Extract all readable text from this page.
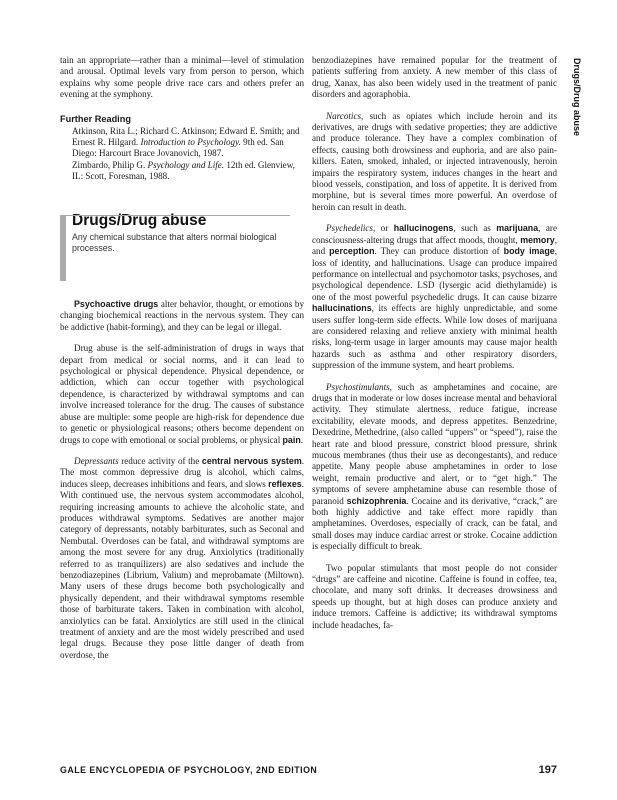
Drugs/Drug abuse

tain an appropriate—rather than a minimal—level of stimulation and arousal. Optimal levels vary from person to person, which explains why some people drive race cars and others prefer an evening at the symphony.

Further Reading

Atkinson, Rita L.; Richard C. Atkinson; Edward E. Smith; and Ernest R. Hilgard. Introduction to Psychology. 9th ed. San Diego: Harcourt Brace Jovanovich, 1987.

Zimbardo, Philip G. Psychology and Life. 12th ed. Glenview, IL: Scott, Foresman, 1988.

Drugs/Drug abuse
Any chemical substance that alters normal biological processes.

Psychoactive drugs alter behavior, thought, or emotions by changing biochemical reactions in the nervous system. They can be addictive (habit-forming), and they can be legal or illegal.

Drug abuse is the self-administration of drugs in ways that depart from medical or social norms, and it can lead to psychological or physical dependence. Physical dependence, or addiction, which can occur together with psychological dependence, is characterized by withdrawal symptoms and can involve increased tolerance for the drug. The causes of substance abuse are multiple: some people are high-risk for dependence due to genetic or physiological reasons; others become dependent on drugs to cope with emotional or social problems, or physical pain.

Depressants reduce activity of the central nervous system. The most common depressive drug is alcohol, which calms, induces sleep, decreases inhibitions and fears, and slows reflexes. With continued use, the nervous system accommodates alcohol, requiring increasing amounts to achieve the alcoholic state, and produces withdrawal symptoms. Sedatives are another major category of depressants, notably barbiturates, such as Seconal and Nembutal. Overdoses can be fatal, and withdrawal symptoms are among the most severe for any drug. Anxiolytics (traditionally referred to as tranquilizers) are also sedatives and include the benzodiazepines (Librium, Valium) and meprobamate (Miltown). Many users of these drugs become both psychologically and physically dependent, and their withdrawal symptoms resemble those of barbiturate takers. Taken in combination with alcohol, anxiolytics can be fatal. Anxiolytics are still used in the clinical treatment of anxiety and are the most widely prescribed and used legal drugs. Because they pose little danger of death from overdose, the

benzodiazepines have remained popular for the treatment of patients suffering from anxiety. A new member of this class of drug, Xanax, has also been widely used in the treatment of panic disorders and agoraphobia.

Narcotics, such as opiates which include heroin and its derivatives, are drugs with sedative properties; they are addictive and produce tolerance. They have a complex combination of effects, causing both drowsiness and euphoria, and are also pain-killers. Eaten, smoked, inhaled, or injected intravenously, heroin impairs the respiratory system, induces changes in the heart and blood vessels, constipation, and loss of appetite. It is derived from morphine, but is several times more powerful. An overdose of heroin can result in death.

Psychedelics, or hallucinogens, such as marijuana, are consciousness-altering drugs that affect moods, thought, memory, and perception. They can produce distortion of body image, loss of identity, and hallucinations. Usage can produce impaired performance on intellectual and psychomotor tasks, psychoses, and psychological dependence. LSD (lysergic acid diethylamide) is one of the most powerful psychedelic drugs. It can cause bizarre hallucinations, its effects are highly unpredictable, and some users suffer long-term side effects. While low doses of marijuana are considered relaxing and relieve anxiety with minimal health risks, long-term usage in larger amounts may cause major health hazards such as asthma and other respiratory disorders, suppression of the immune system, and heart problems.

Psychostimulants, such as amphetamines and cocaine, are drugs that in moderate or low doses increase mental and behavioral activity. They stimulate alertness, reduce fatigue, increase excitability, elevate moods, and depress appetites. Benzedrine, Dexedrine, Methedrine, (also called “uppers” or “speed”), raise the heart rate and blood pressure, constrict blood pressure, shrink mucous membranes (thus their use as decongestants), and reduce appetite. Many people abuse amphetamines in order to lose weight, remain productive and alert, or to “get high.” The symptoms of severe amphetamine abuse can resemble those of paranoid schizophrenia. Cocaine and its derivative, “crack,” are both highly addictive and take effect more rapidly than amphetamines. Overdoses, especially of crack, can be fatal, and small doses may induce cardiac arrest or stroke. Cocaine addiction is especially difficult to break.

Two popular stimulants that most people do not consider “drugs” are caffeine and nicotine. Caffeine is found in coffee, tea, chocolate, and many soft drinks. It decreases drowsiness and speeds up thought, but at high doses can produce anxiety and induce tremors. Caffeine is addictive; its withdrawal symptoms include headaches, fa-

GALE ENCYCLOPEDIA OF PSYCHOLOGY, 2ND EDITION	197
